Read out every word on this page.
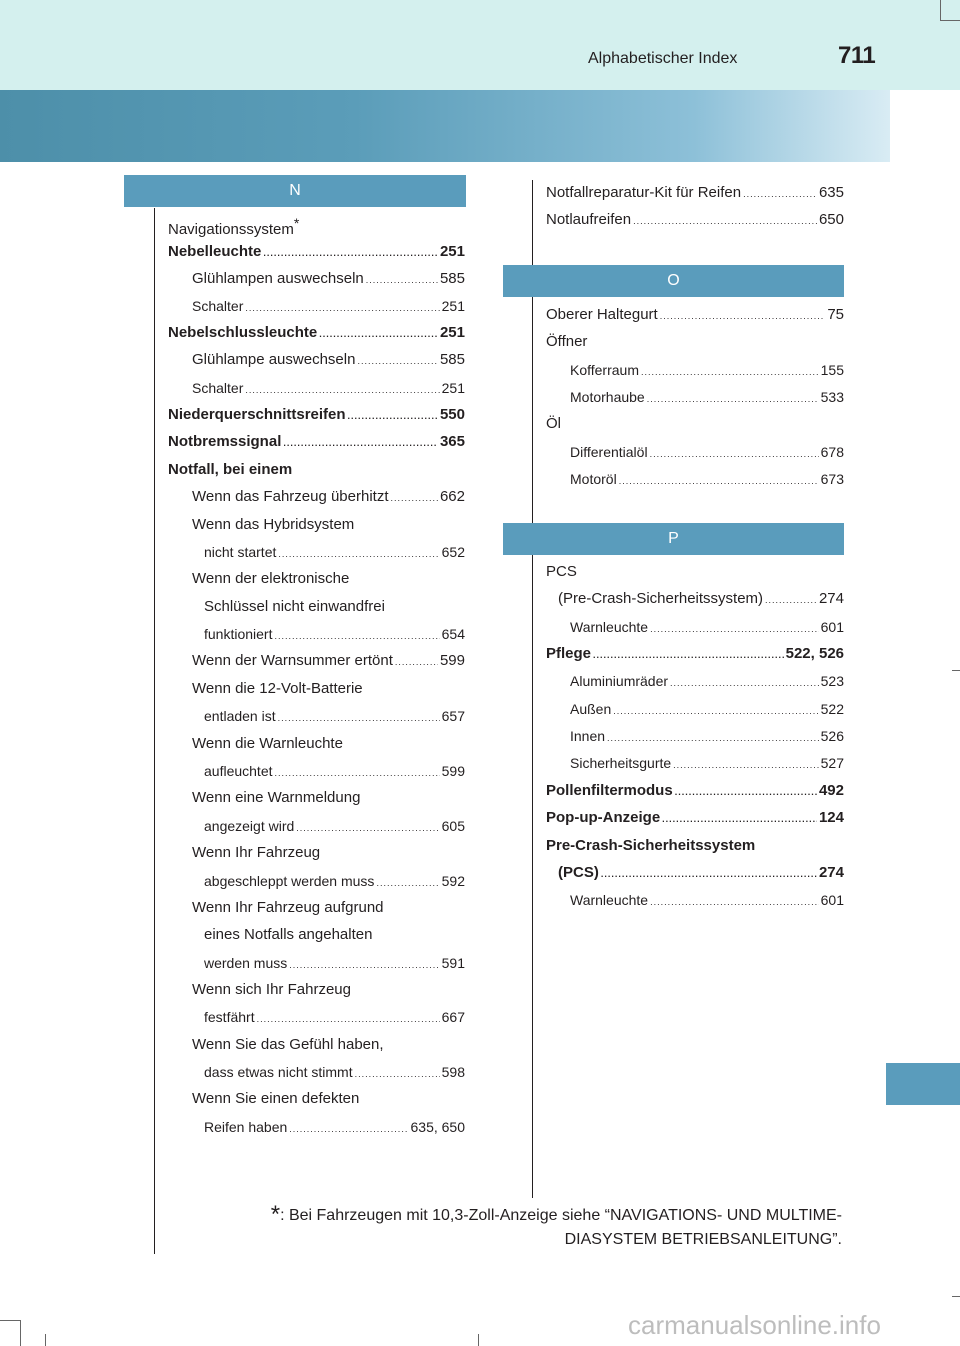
Alphabetischer Index	711
N
O
P
Navigationssystem*
Nebelleuchte .....	251
Glühlampen auswechseln .....	585
Schalter .....	251
Nebelschlussleuchte .....	251
Glühlampe auswechseln .....	585
Schalter .....	251
Niederquerschnittsreifen .....	550
Notbremssignal .....	365
Notfall, bei einem
Wenn das Fahrzeug überhitzt .....	662
Wenn das Hybridsystem
nicht startet .....	652
Wenn der elektronische
Schlüssel nicht einwandfrei
funktioniert .....	654
Wenn der Warnsummer ertönt .....	599
Wenn die 12-Volt-Batterie
entladen ist .....	657
Wenn die Warnleuchte
aufleuchtet .....	599
Wenn eine Warnmeldung
angezeigt wird .....	605
Wenn Ihr Fahrzeug
abgeschleppt werden muss .....	592
Wenn Ihr Fahrzeug aufgrund
eines Notfalls angehalten
werden muss .....	591
Wenn sich Ihr Fahrzeug
festfährt .....	667
Wenn Sie das Gefühl haben,
dass etwas nicht stimmt .....	598
Wenn Sie einen defekten
Reifen haben .....	635, 650
Notfallreparatur-Kit für Reifen .....	635
Notlaufreifen .....	650
Oberer Haltegurt .....	75
Öffner
Kofferraum .....	155
Motorhaube .....	533
Öl
Differentialöl .....	678
Motoröl .....	673
PCS
(Pre-Crash-Sicherheitssystem) .....	274
Warnleuchte .....	601
Pflege .....	522, 526
Aluminiumräder .....	523
Außen .....	522
Innen .....	526
Sicherheitsgurte .....	527
Pollenfiltermodus .....	492
Pop-up-Anzeige .....	124
Pre-Crash-Sicherheitssystem
(PCS) .....	274
Warnleuchte .....	601
*: Bei Fahrzeugen mit 10,3-Zoll-Anzeige siehe “NAVIGATIONS- UND MULTIME-
DIASYSTEM BETRIEBSANLEITUNG”.
carmanualsonline.info
